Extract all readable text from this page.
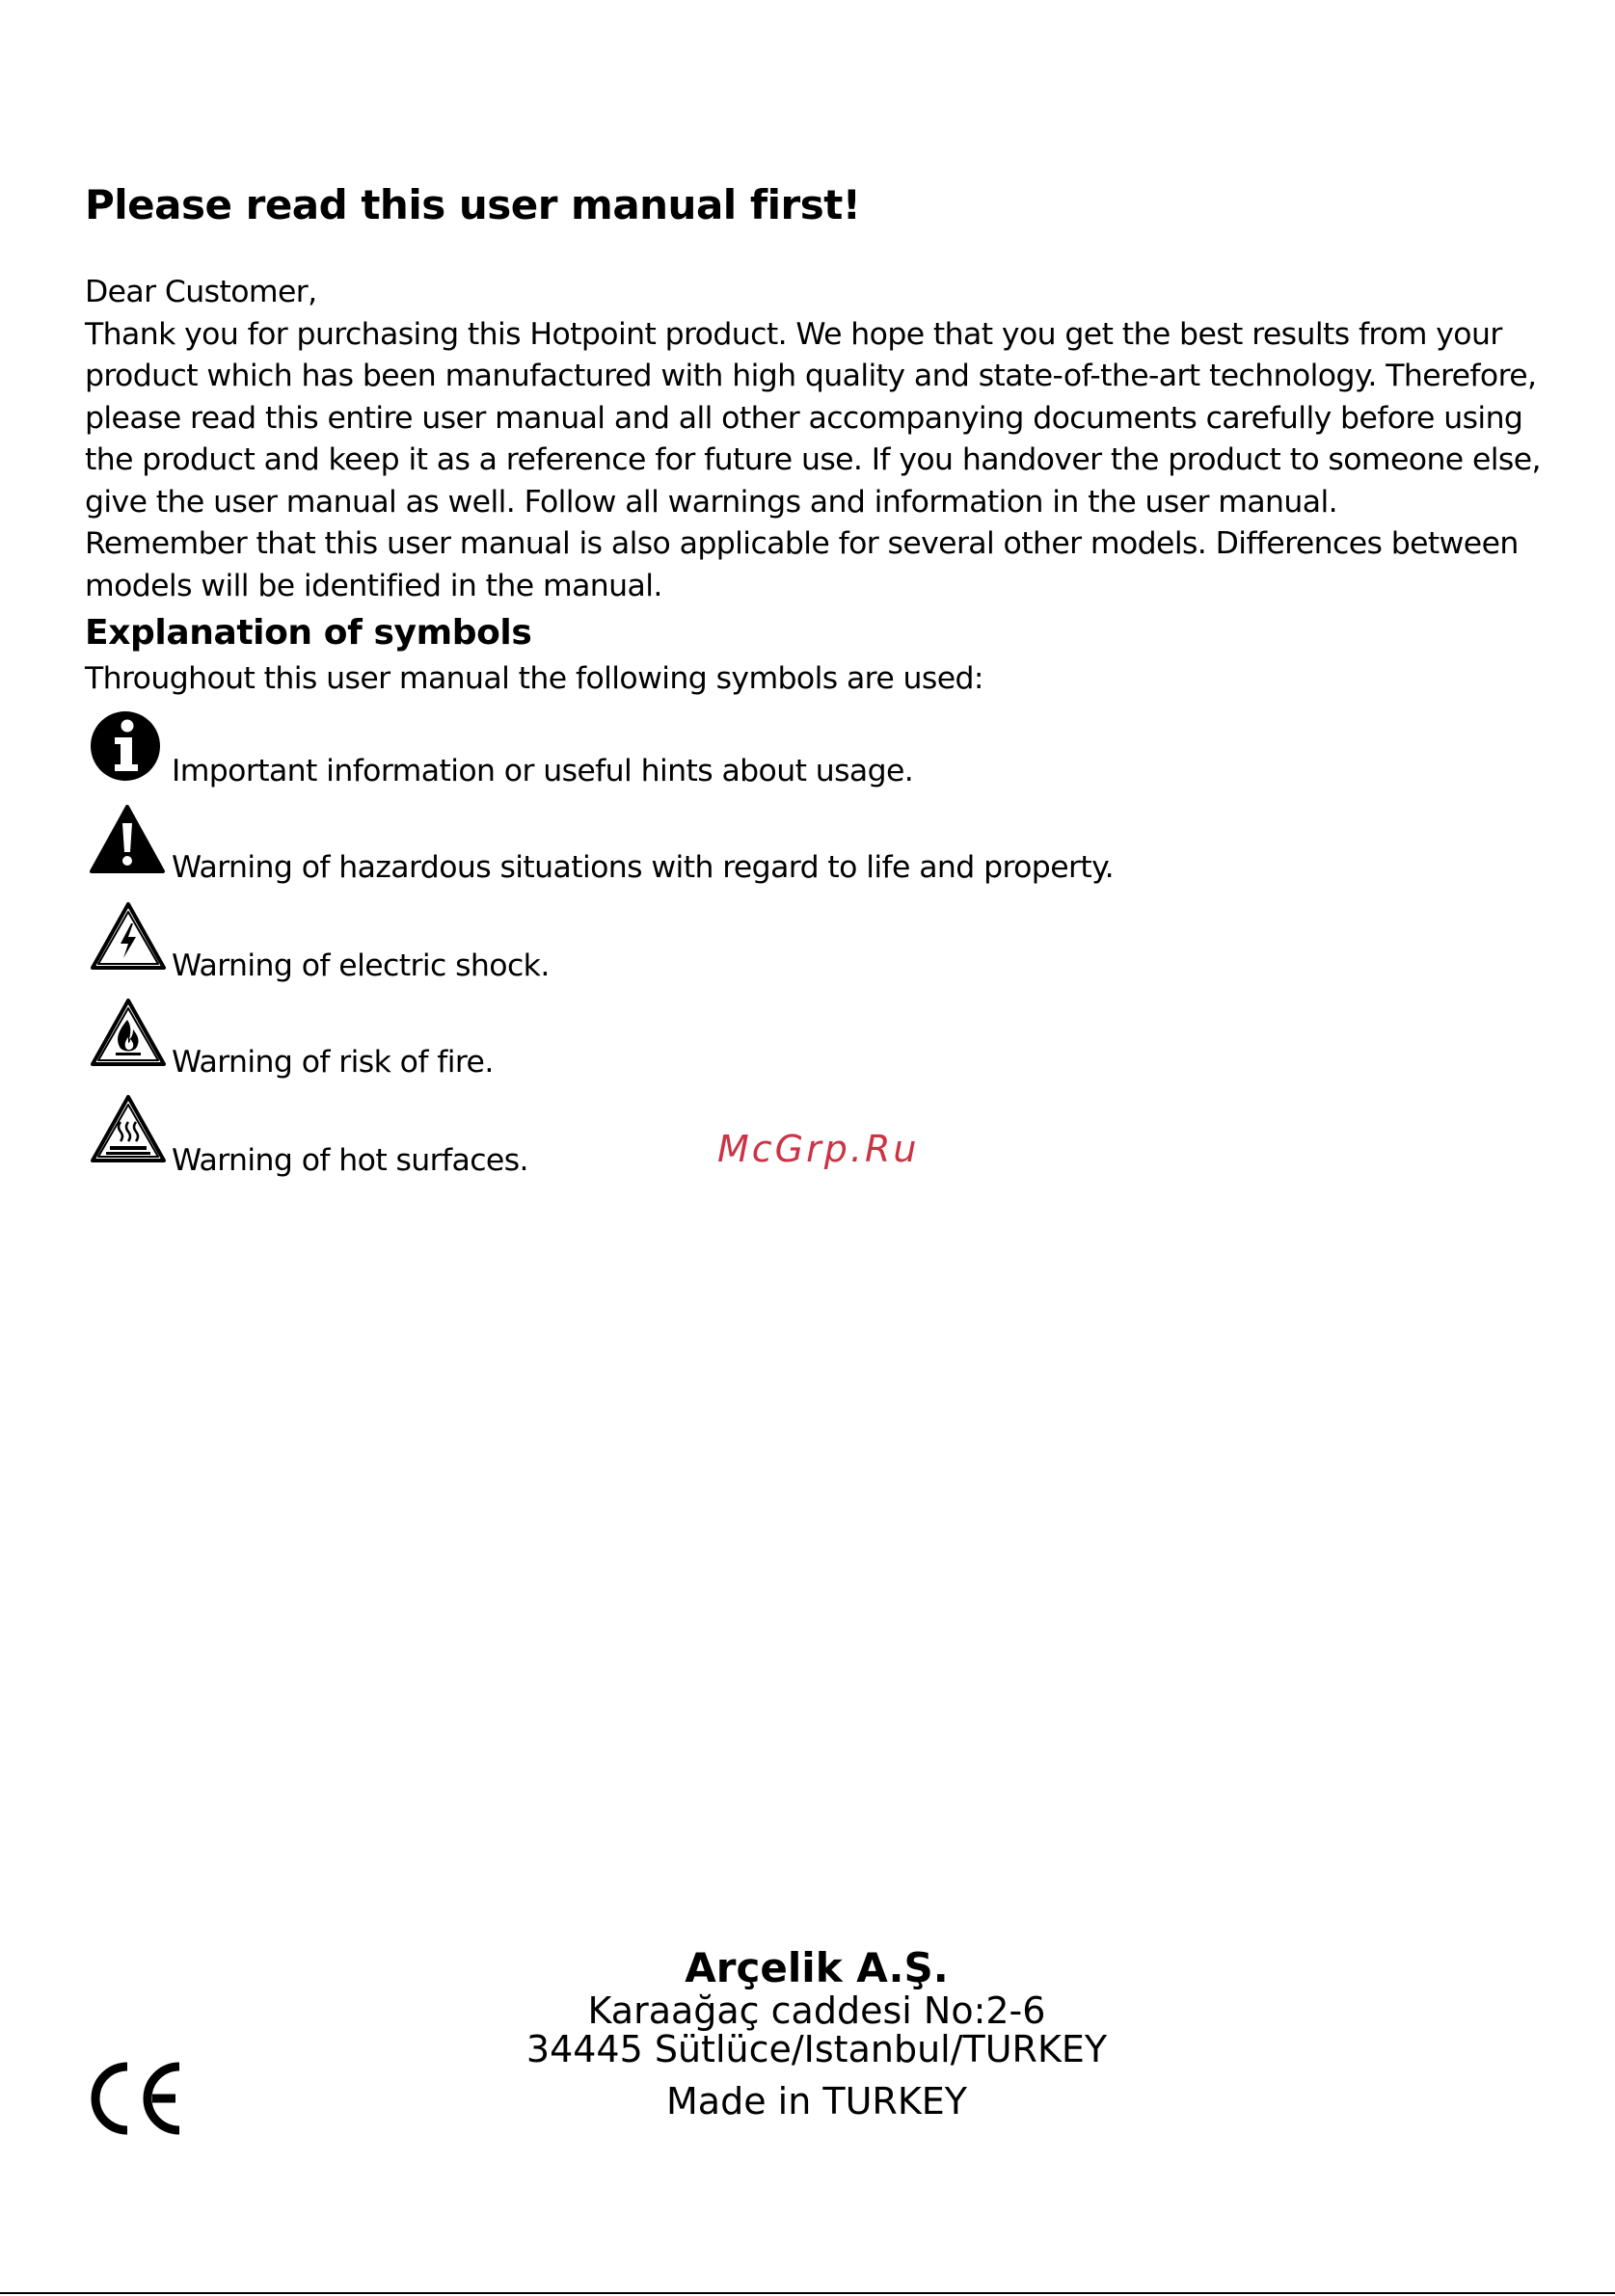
Please read this user manual first!
Dear Customer,
Thank you for purchasing this Hotpoint product. We hope that you get the best results from your
product which has been manufactured with high quality and state-of-the-art technology. Therefore,
please read this entire user manual and all other accompanying documents carefully before using
the product and keep it as a reference for future use. If you handover the product to someone else,
give the user manual as well. Follow all warnings and information in the user manual.
Remember that this user manual is also applicable for several other models. Differences between
models will be identified in the manual.
Explanation of symbols
Throughout this user manual the following symbols are used:
Important information or useful hints about usage.
Warning of hazardous situations with regard to life and property.
Warning of electric shock.
Warning of risk of fire.
Warning of hot surfaces.	McGrp.Ru
Arçelik A.Ş.
Karaağaç caddesi No:2-6
34445 Sütlüce/Istanbul/TURKEY
Made in TURKEY
